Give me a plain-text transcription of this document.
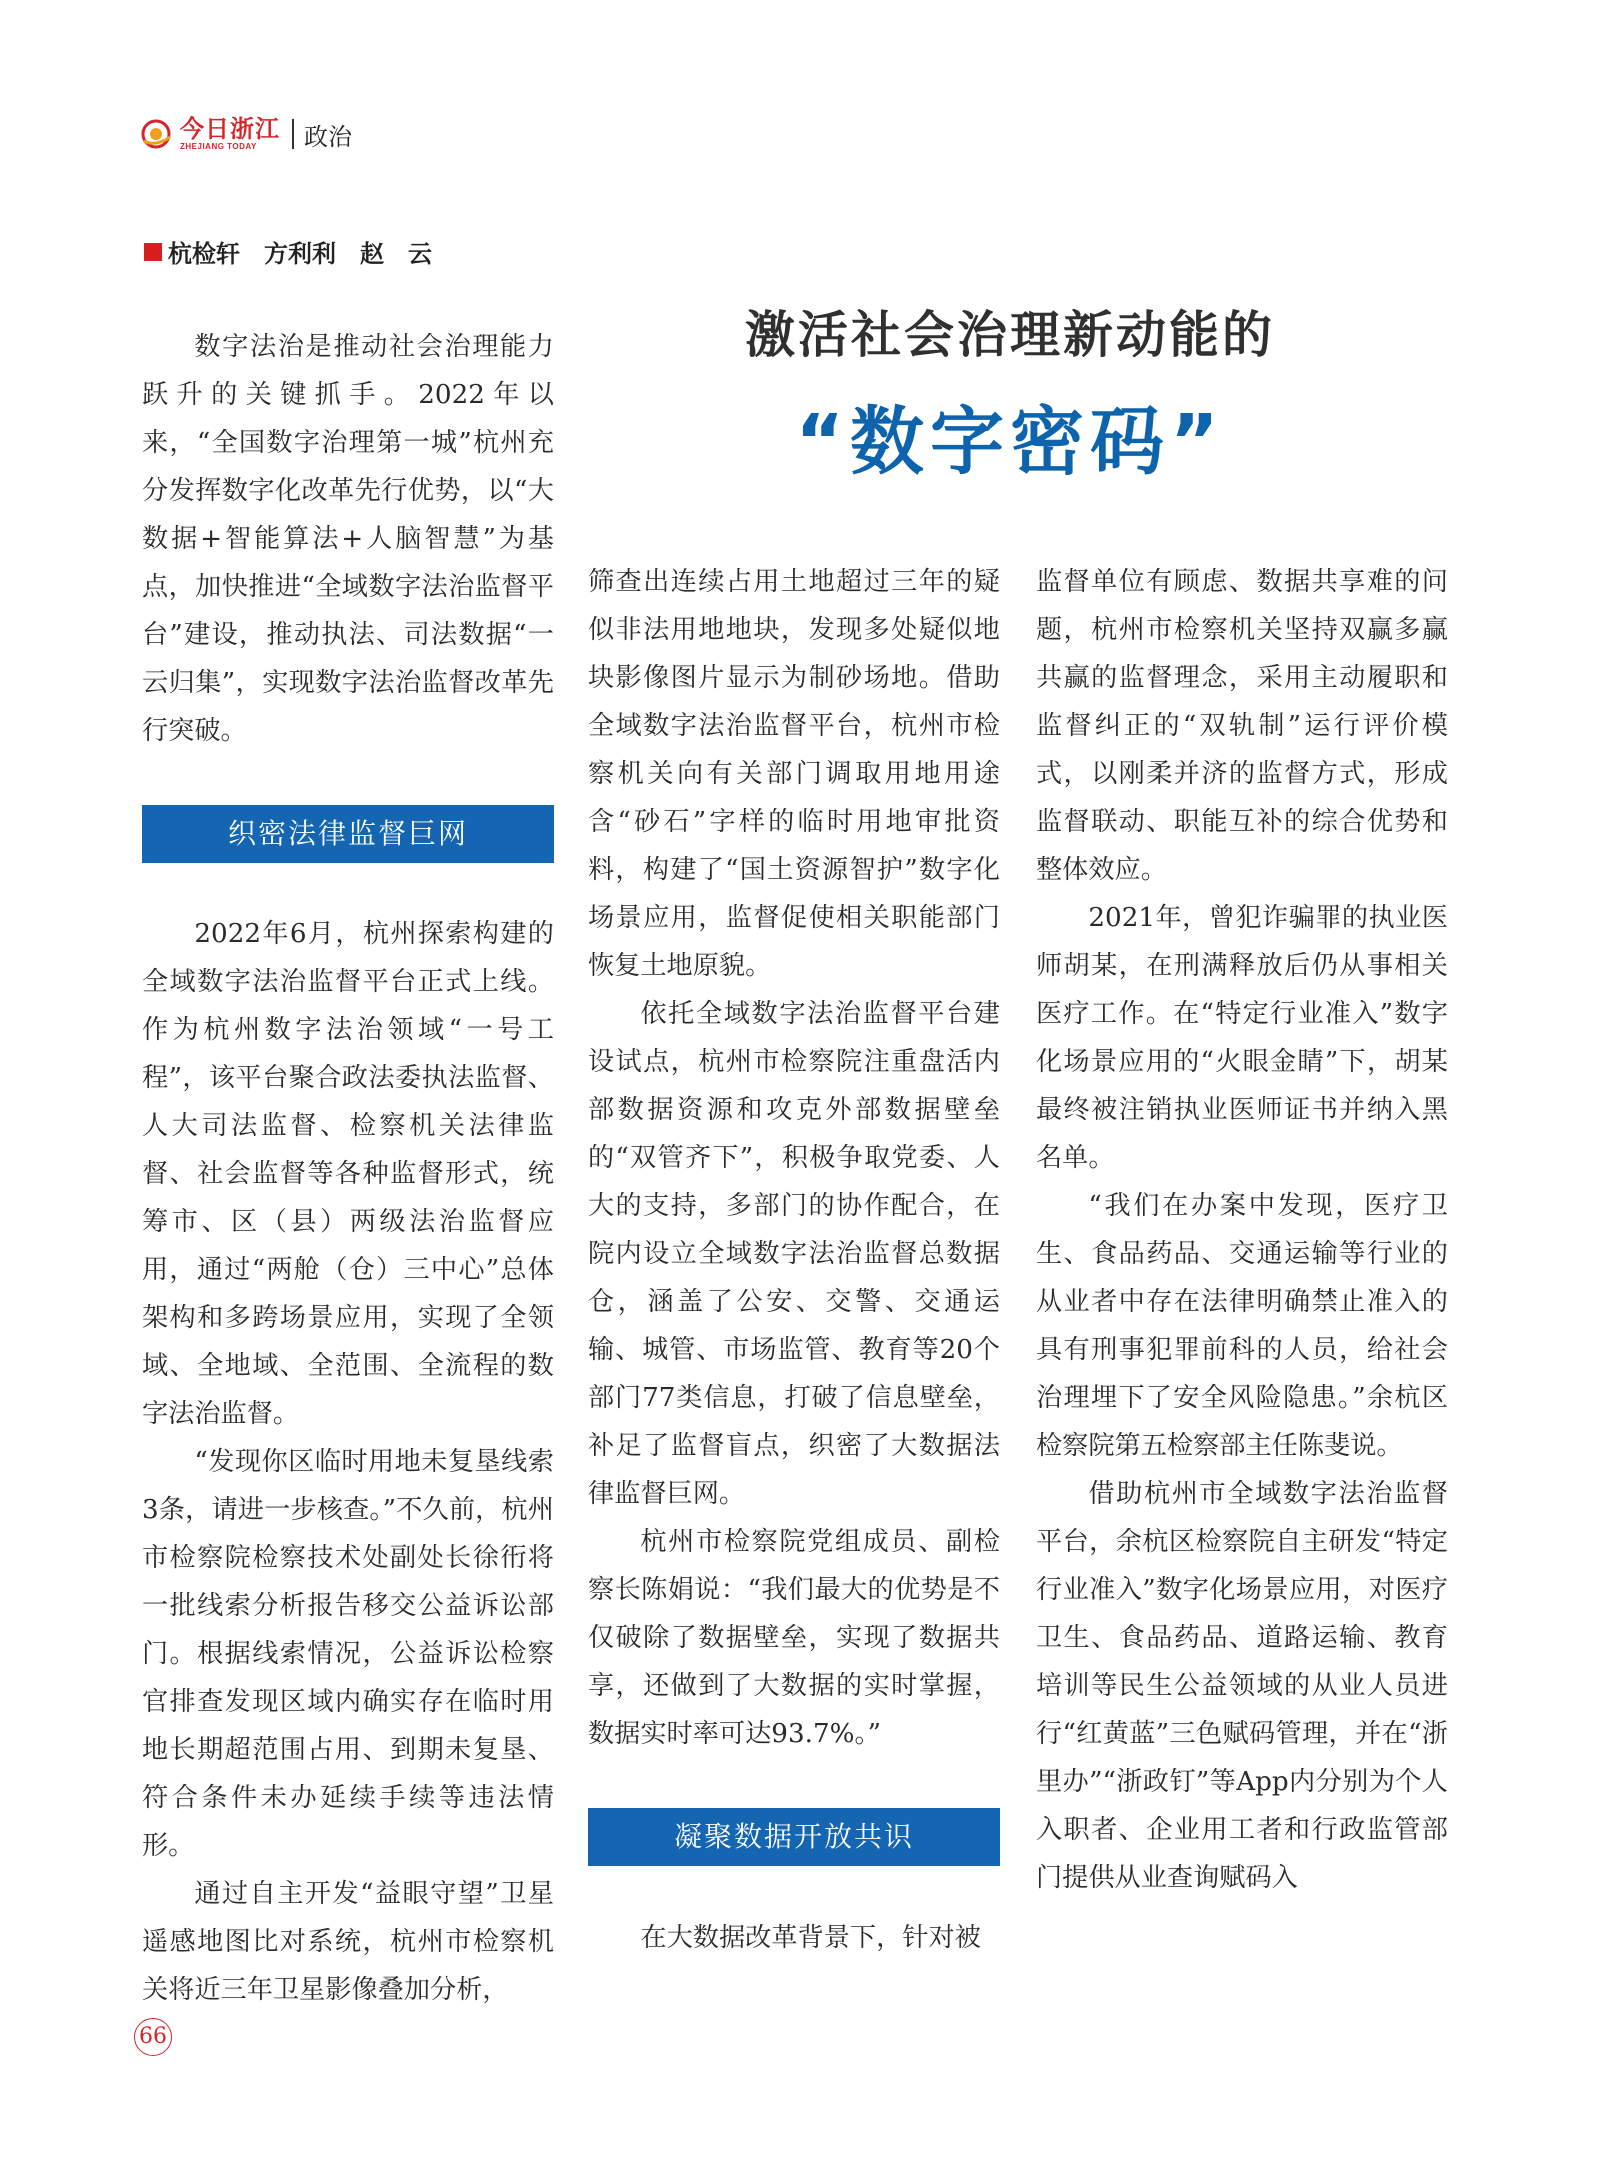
今日浙江
ZHEJIANG TODAY	政治
杭检轩　方利利　赵　云
激活社会治理新动能的
“数字密码”

数字法治是推动社会治理能力跃升的关键抓手。2022年以来，“全国数字治理第一城”杭州充分发挥数字化改革先行优势，以“大数据+智能算法+人脑智慧”为基点，加快推进“全域数字法治监督平台”建设，推动执法、司法数据“一云归集”，实现数字法治监督改革先行突破。

织密法律监督巨网

2022年6月，杭州探索构建的全域数字法治监督平台正式上线。作为杭州数字法治领域“一号工程”，该平台聚合政法委执法监督、人大司法监督、检察机关法律监督、社会监督等各种监督形式，统筹市、区（县）两级法治监督应用，通过“两舱（仓）三中心”总体架构和多跨场景应用，实现了全领域、全地域、全范围、全流程的数字法治监督。

“发现你区临时用地未复垦线索3条，请进一步核查。”不久前，杭州市检察院检察技术处副处长徐衎将一批线索分析报告移交公益诉讼部门。根据线索情况，公益诉讼检察官排查发现区域内确实存在临时用地长期超范围占用、到期未复垦、符合条件未办延续手续等违法情形。

通过自主开发“益眼守望”卫星遥感地图比对系统，杭州市检察机关将近三年卫星影像叠加分析，

筛查出连续占用土地超过三年的疑似非法用地地块，发现多处疑似地块影像图片显示为制砂场地。借助全域数字法治监督平台，杭州市检察机关向有关部门调取用地用途含“砂石”字样的临时用地审批资料，构建了“国土资源智护”数字化场景应用，监督促使相关职能部门恢复土地原貌。

依托全域数字法治监督平台建设试点，杭州市检察院注重盘活内部数据资源和攻克外部数据壁垒的“双管齐下”，积极争取党委、人大的支持，多部门的协作配合，在院内设立全域数字法治监督总数据仓，涵盖了公安、交警、交通运输、城管、市场监管、教育等20个部门77类信息，打破了信息壁垒，补足了监督盲点，织密了大数据法律监督巨网。

杭州市检察院党组成员、副检察长陈娟说：“我们最大的优势是不仅破除了数据壁垒，实现了数据共享，还做到了大数据的实时掌握，数据实时率可达93.7%。”

凝聚数据开放共识

在大数据改革背景下，针对被

监督单位有顾虑、数据共享难的问题，杭州市检察机关坚持双赢多赢共赢的监督理念，采用主动履职和监督纠正的“双轨制”运行评价模式，以刚柔并济的监督方式，形成监督联动、职能互补的综合优势和整体效应。

2021年，曾犯诈骗罪的执业医师胡某，在刑满释放后仍从事相关医疗工作。在“特定行业准入”数字化场景应用的“火眼金睛”下，胡某最终被注销执业医师证书并纳入黑名单。

“我们在办案中发现，医疗卫生、食品药品、交通运输等行业的从业者中存在法律明确禁止准入的具有刑事犯罪前科的人员，给社会治理埋下了安全风险隐患。”余杭区检察院第五检察部主任陈斐说。

借助杭州市全域数字法治监督平台，余杭区检察院自主研发“特定行业准入”数字化场景应用，对医疗卫生、食品药品、道路运输、教育培训等民生公益领域的从业人员进行“红黄蓝”三色赋码管理，并在“浙里办”“浙政钉”等App内分别为个人入职者、企业用工者和行政监管部门提供从业查询赋码入

66
